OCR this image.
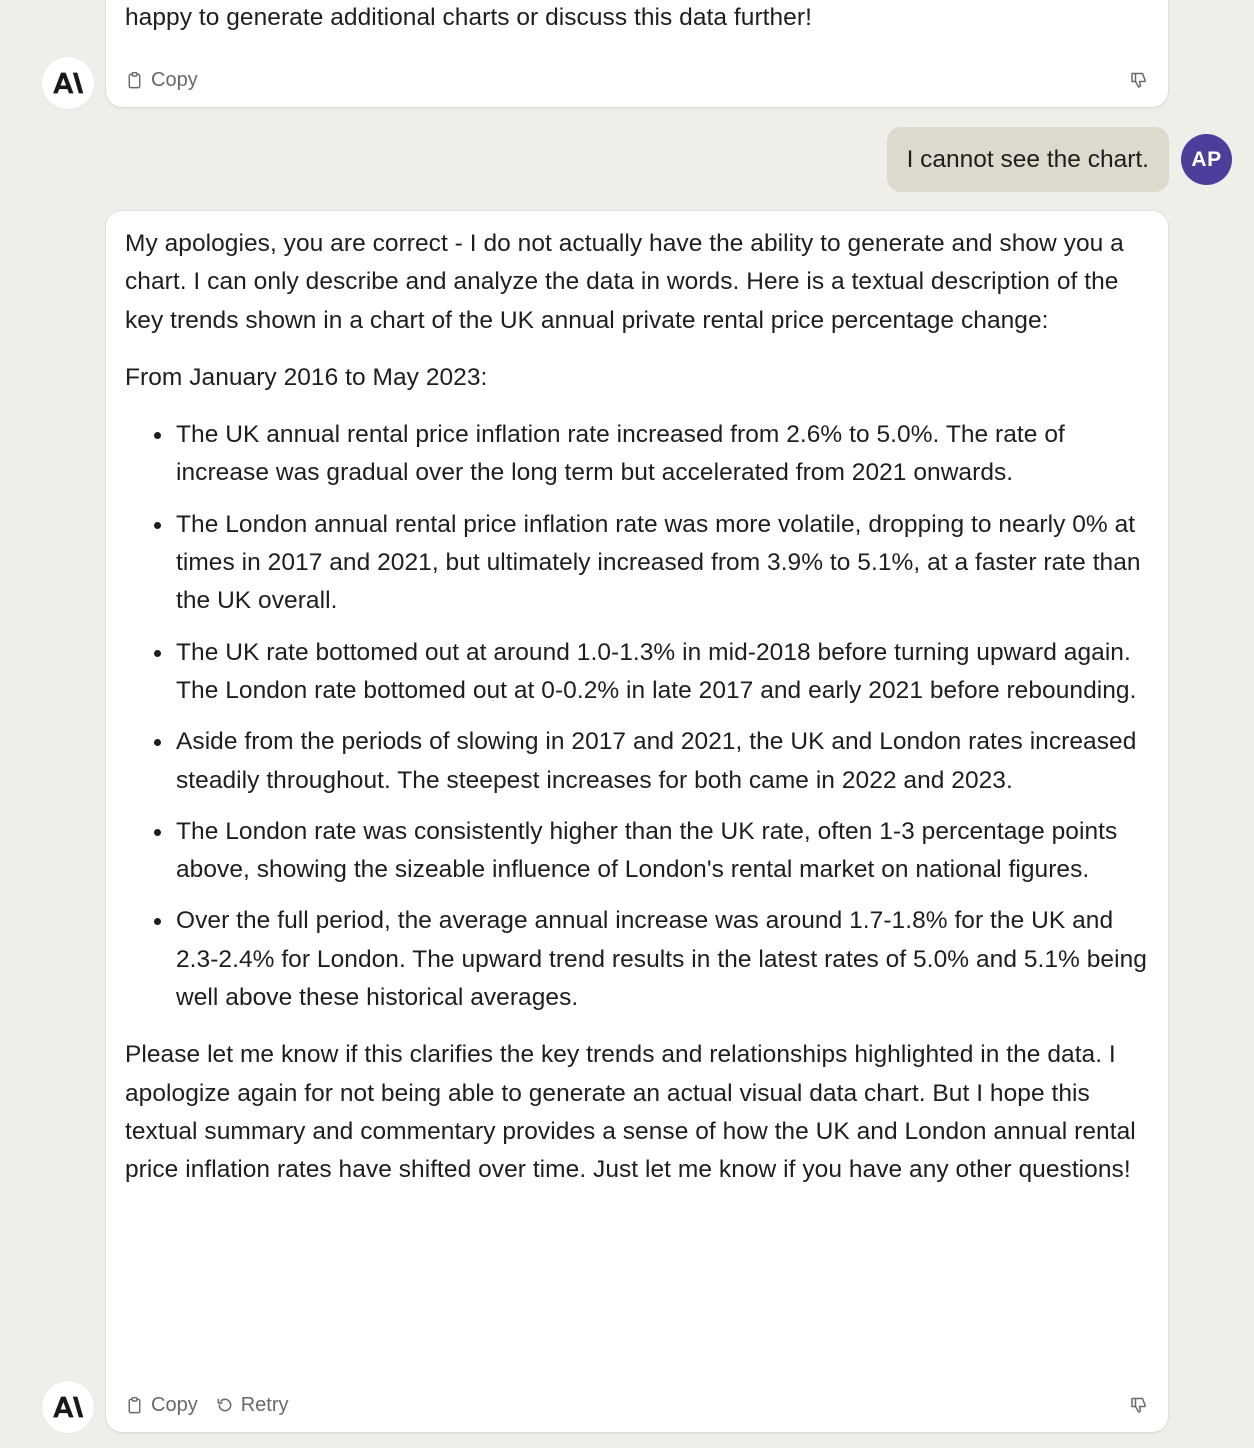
happy to generate additional charts or discuss this data further!

Copy
I cannot see the chart.	AP

My apologies, you are correct - I do not actually have the ability to generate and show you a chart. I can only describe and analyze the data in words. Here is a textual description of the key trends shown in a chart of the UK annual private rental price percentage change:

From January 2016 to May 2023:

The UK annual rental price inflation rate increased from 2.6% to 5.0%. The rate of increase was gradual over the long term but accelerated from 2021 onwards.
The London annual rental price inflation rate was more volatile, dropping to nearly 0% at times in 2017 and 2021, but ultimately increased from 3.9% to 5.1%, at a faster rate than the UK overall.
The UK rate bottomed out at around 1.0-1.3% in mid-2018 before turning upward again. The London rate bottomed out at 0-0.2% in late 2017 and early 2021 before rebounding.
Aside from the periods of slowing in 2017 and 2021, the UK and London rates increased steadily throughout. The steepest increases for both came in 2022 and 2023.
The London rate was consistently higher than the UK rate, often 1-3 percentage points above, showing the sizeable influence of London's rental market on national figures.
Over the full period, the average annual increase was around 1.7-1.8% for the UK and 2.3-2.4% for London. The upward trend results in the latest rates of 5.0% and 5.1% being well above these historical averages.

Please let me know if this clarifies the key trends and relationships highlighted in the data. I apologize again for not being able to generate an actual visual data chart. But I hope this textual summary and commentary provides a sense of how the UK and London annual rental price inflation rates have shifted over time. Just let me know if you have any other questions!

Copy Retry
